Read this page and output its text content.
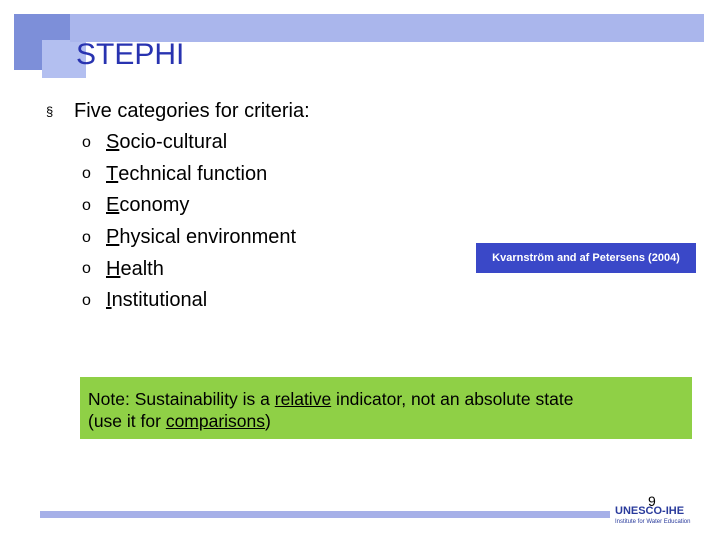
STEPHI
§	Five categories for criteria:
o S ocio-cultural
o T echnical function
o E conomy
o P hysical environment
o H ealth
o I nstitutional
Kvarnström and af Petersens (2004)
Note: Sustainability is a relative indicator, not an absolute state
(use it for comparisons)
9
UNESCO-IHE
Institute for Water Education
